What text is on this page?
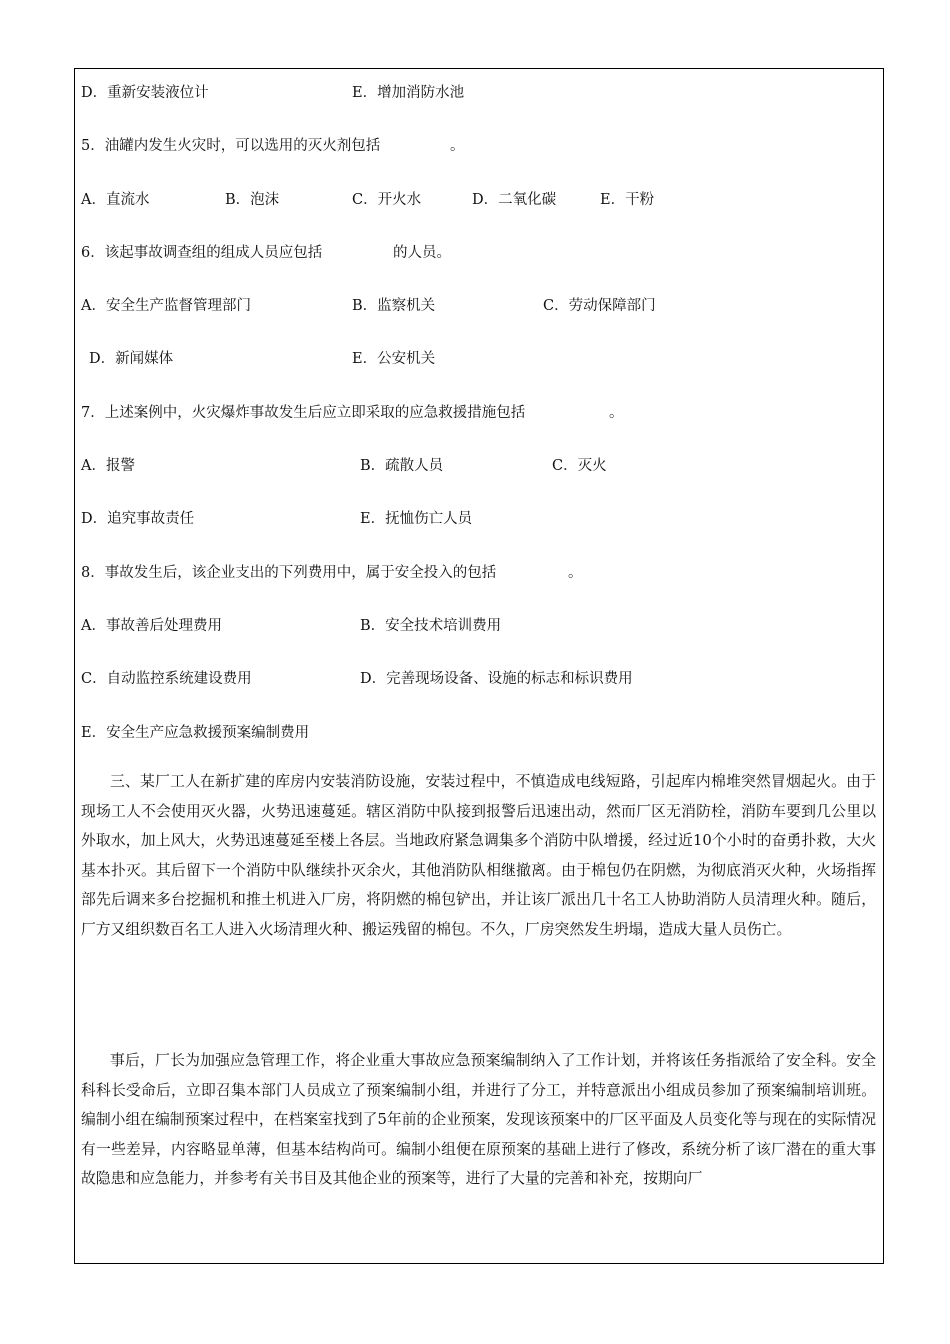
D．重新安装液位计	E．增加消防水池
5．油罐内发生火灾时，可以选用的灭火剂包括	。
A．直流水	B．泡沫	C．开火水	D．二氧化碳	E．干粉
6．该起事故调查组的组成人员应包括	的人员。
A．安全生产监督管理部门	B．监察机关	C．劳动保障部门
D．新闻媒体	E．公安机关
7．上述案例中，火灾爆炸事故发生后应立即采取的应急救援措施包括	。
A．报警	B．疏散人员	C．灭火
D．追究事故责任	E．抚恤伤亡人员
8．事故发生后，该企业支出的下列费用中，属于安全投入的包括	。
A．事故善后处理费用	B．安全技术培训费用
C．自动监控系统建设费用	D．完善现场设备、设施的标志和标识费用
E．安全生产应急救援预案编制费用

三、某厂工人在新扩建的库房内安装消防设施，安装过程中，不慎造成电线短路，引起库内棉堆突然冒烟起火。由于现场工人不会使用灭火器，火势迅速蔓延。辖区消防中队接到报警后迅速出动，然而厂区无消防栓，消防车要到几公里以外取水，加上风大，火势迅速蔓延至楼上各层。当地政府紧急调集多个消防中队增援，经过近10个小时的奋勇扑救，大火基本扑灭。其后留下一个消防中队继续扑灭余火，其他消防队相继撤离。由于棉包仍在阴燃，为彻底消灭火种，火场指挥部先后调来多台挖掘机和推土机进入厂房，将阴燃的棉包铲出，并让该厂派出几十名工人协助消防人员清理火种。随后，厂方又组织数百名工人进入火场清理火种、搬运残留的棉包。不久，厂房突然发生坍塌，造成大量人员伤亡。

事后，厂长为加强应急管理工作，将企业重大事故应急预案编制纳入了工作计划，并将该任务指派给了安全科。安全科科长受命后，立即召集本部门人员成立了预案编制小组，并进行了分工，并特意派出小组成员参加了预案编制培训班。编制小组在编制预案过程中，在档案室找到了5年前的企业预案，发现该预案中的厂区平面及人员变化等与现在的实际情况有一些差异，内容略显单薄，但基本结构尚可。编制小组便在原预案的基础上进行了修改，系统分析了该厂潜在的重大事故隐患和应急能力，并参考有关书目及其他企业的预案等，进行了大量的完善和补充，按期向厂
